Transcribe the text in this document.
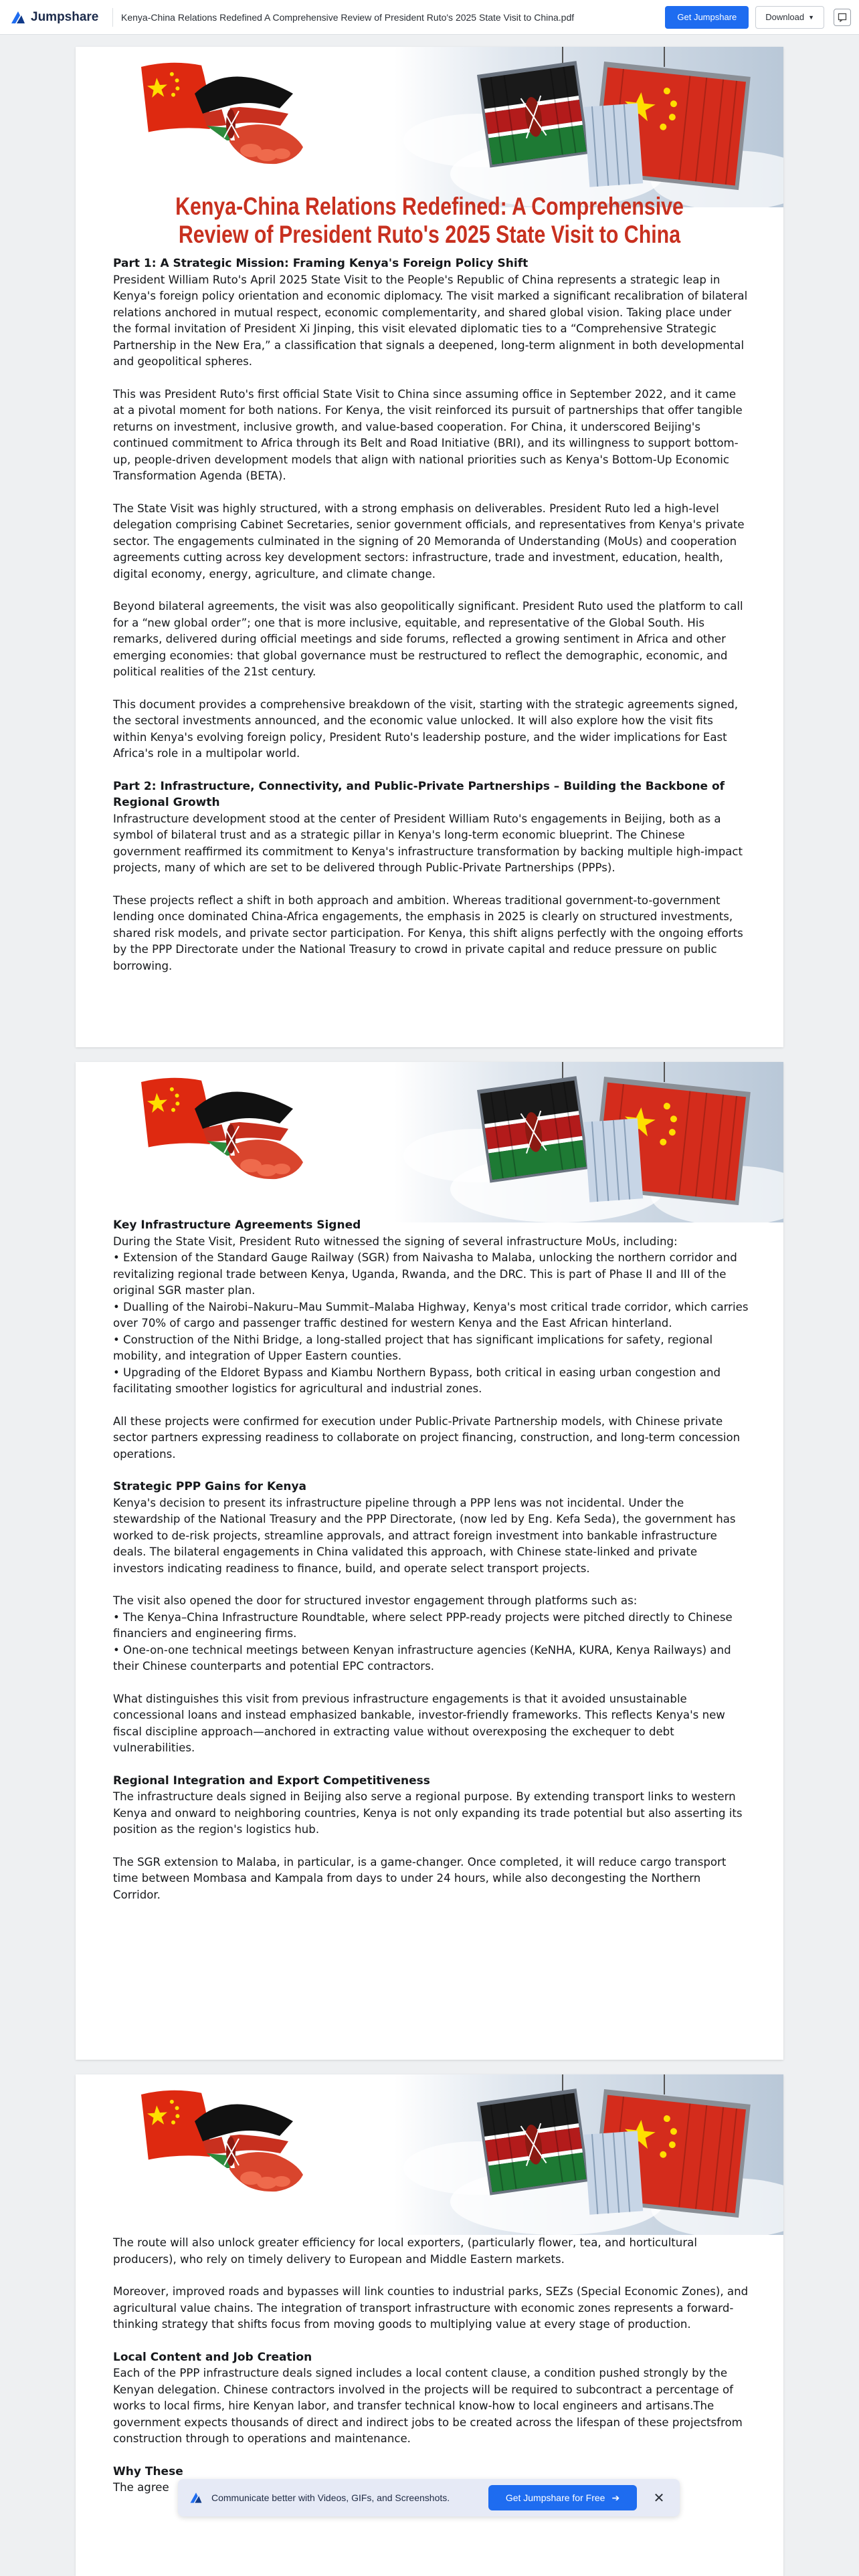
Jumpshare Kenya-China Relations Redefined A Comprehensive Review of President Ruto's 2025 State Visit to China.pdf	Get Jumpshare	Download ▼
Kenya-China Relations Redefined: A Comprehensive Review of President Ruto's 2025 State Visit to China
Part 1: A Strategic Mission: Framing Kenya's Foreign Policy Shift

President William Ruto's April 2025 State Visit to the People's Republic of China represents a strategic leap in Kenya's foreign policy orientation and economic diplomacy. The visit marked a significant recalibration of bilateral relations anchored in mutual respect, economic complementarity, and shared global vision. Taking place under the formal invitation of President Xi Jinping, this visit elevated diplomatic ties to a “Comprehensive Strategic Partnership in the New Era,” a classification that signals a deepened, long-term alignment in both developmental and geopolitical spheres.

This was President Ruto's first official State Visit to China since assuming office in September 2022, and it came at a pivotal moment for both nations. For Kenya, the visit reinforced its pursuit of partnerships that offer tangible returns on investment, inclusive growth, and value-based cooperation. For China, it underscored Beijing's continued commitment to Africa through its Belt and Road Initiative (BRI), and its willingness to support bottom-up, people-driven development models that align with national priorities such as Kenya's Bottom-Up Economic Transformation Agenda (BETA).

The State Visit was highly structured, with a strong emphasis on deliverables. President Ruto led a high-level delegation comprising Cabinet Secretaries, senior government officials, and representatives from Kenya's private sector. The engagements culminated in the signing of 20 Memoranda of Understanding (MoUs) and cooperation agreements cutting across key development sectors: infrastructure, trade and investment, education, health, digital economy, energy, agriculture, and climate change.

Beyond bilateral agreements, the visit was also geopolitically significant. President Ruto used the platform to call for a “new global order”; one that is more inclusive, equitable, and representative of the Global South. His remarks, delivered during official meetings and side forums, reflected a growing sentiment in Africa and other emerging economies: that global governance must be restructured to reflect the demographic, economic, and political realities of the 21st century.

This document provides a comprehensive breakdown of the visit, starting with the strategic agreements signed, the sectoral investments announced, and the economic value unlocked. It will also explore how the visit fits within Kenya's evolving foreign policy, President Ruto's leadership posture, and the wider implications for East Africa's role in a multipolar world.

Part 2: Infrastructure, Connectivity, and Public-Private Partnerships – Building the Backbone of Regional Growth

Infrastructure development stood at the center of President William Ruto's engagements in Beijing, both as a symbol of bilateral trust and as a strategic pillar in Kenya's long-term economic blueprint. The Chinese government reaffirmed its commitment to Kenya's infrastructure transformation by backing multiple high-impact projects, many of which are set to be delivered through Public-Private Partnerships (PPPs).

These projects reflect a shift in both approach and ambition. Whereas traditional government-to-government lending once dominated China-Africa engagements, the emphasis in 2025 is clearly on structured investments, shared risk models, and private sector participation. For Kenya, this shift aligns perfectly with the ongoing efforts by the PPP Directorate under the National Treasury to crowd in private capital and reduce pressure on public borrowing.

Key Infrastructure Agreements Signed

During the State Visit, President Ruto witnessed the signing of several infrastructure MoUs, including:

• Extension of the Standard Gauge Railway (SGR) from Naivasha to Malaba, unlocking the northern corridor and revitalizing regional trade between Kenya, Uganda, Rwanda, and the DRC. This is part of Phase II and III of the original SGR master plan.

• Dualling of the Nairobi–Nakuru–Mau Summit–Malaba Highway, Kenya's most critical trade corridor, which carries over 70% of cargo and passenger traffic destined for western Kenya and the East African hinterland.

• Construction of the Nithi Bridge, a long-stalled project that has significant implications for safety, regional mobility, and integration of Upper Eastern counties.

• Upgrading of the Eldoret Bypass and Kiambu Northern Bypass, both critical in easing urban congestion and facilitating smoother logistics for agricultural and industrial zones.

All these projects were confirmed for execution under Public-Private Partnership models, with Chinese private sector partners expressing readiness to collaborate on project financing, construction, and long-term concession operations.

Strategic PPP Gains for Kenya

Kenya's decision to present its infrastructure pipeline through a PPP lens was not incidental. Under the stewardship of the National Treasury and the PPP Directorate, (now led by Eng. Kefa Seda), the government has worked to de-risk projects, streamline approvals, and attract foreign investment into bankable infrastructure deals. The bilateral engagements in China validated this approach, with Chinese state-linked and private investors indicating readiness to finance, build, and operate select transport projects.

The visit also opened the door for structured investor engagement through platforms such as:

• The Kenya–China Infrastructure Roundtable, where select PPP-ready projects were pitched directly to Chinese financiers and engineering firms.

• One-on-one technical meetings between Kenyan infrastructure agencies (KeNHA, KURA, Kenya Railways) and their Chinese counterparts and potential EPC contractors.

What distinguishes this visit from previous infrastructure engagements is that it avoided unsustainable concessional loans and instead emphasized bankable, investor-friendly frameworks. This reflects Kenya's new fiscal discipline approach—anchored in extracting value without overexposing the exchequer to debt vulnerabilities.

Regional Integration and Export Competitiveness

The infrastructure deals signed in Beijing also serve a regional purpose. By extending transport links to western Kenya and onward to neighboring countries, Kenya is not only expanding its trade potential but also asserting its position as the region's logistics hub.

The SGR extension to Malaba, in particular, is a game-changer. Once completed, it will reduce cargo transport time between Mombasa and Kampala from days to under 24 hours, while also decongesting the Northern Corridor.

The route will also unlock greater efficiency for local exporters, (particularly flower, tea, and horticultural producers), who rely on timely delivery to European and Middle Eastern markets.

Moreover, improved roads and bypasses will link counties to industrial parks, SEZs (Special Economic Zones), and agricultural value chains. The integration of transport infrastructure with economic zones represents a forward-thinking strategy that shifts focus from moving goods to multiplying value at every stage of production.

Local Content and Job Creation

Each of the PPP infrastructure deals signed includes a local content clause, a condition pushed strongly by the Kenyan delegation. Chinese contractors involved in the projects will be required to subcontract a percentage of works to local firms, hire Kenyan labor, and transfer technical know-how to local engineers and artisans.The government expects thousands of direct and indirect jobs to be created across the lifespan of these projectsfrom construction through to operations and maintenance.

Why These

The agree

Communicate better with Videos, GIFs, and Screenshots.	Get Jumpshare for Free ➔	✕
